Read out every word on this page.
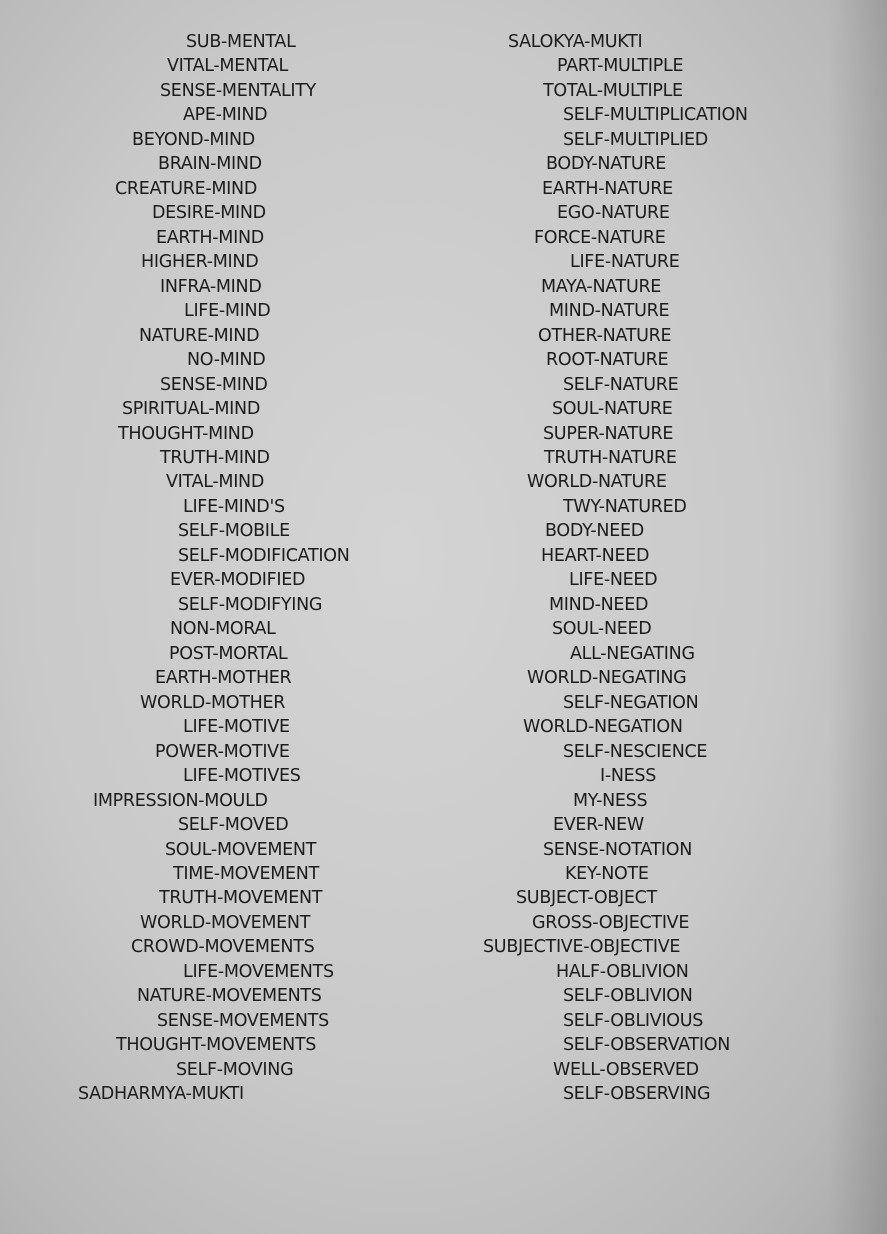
SUB-MENTAL
VITAL-MENTAL
SENSE-MENTALITY
APE-MIND
BEYOND-MIND
BRAIN-MIND
CREATURE-MIND
DESIRE-MIND
EARTH-MIND
HIGHER-MIND
INFRA-MIND
LIFE-MIND
NATURE-MIND
NO-MIND
SENSE-MIND
SPIRITUAL-MIND
THOUGHT-MIND
TRUTH-MIND
VITAL-MIND
LIFE-MIND'S
SELF-MOBILE
SELF-MODIFICATION
EVER-MODIFIED
SELF-MODIFYING
NON-MORAL
POST-MORTAL
EARTH-MOTHER
WORLD-MOTHER
LIFE-MOTIVE
POWER-MOTIVE
LIFE-MOTIVES
IMPRESSION-MOULD
SELF-MOVED
SOUL-MOVEMENT
TIME-MOVEMENT
TRUTH-MOVEMENT
WORLD-MOVEMENT
CROWD-MOVEMENTS
LIFE-MOVEMENTS
NATURE-MOVEMENTS
SENSE-MOVEMENTS
THOUGHT-MOVEMENTS
SELF-MOVING
SADHARMYA-MUKTI
SALOKYA-MUKTI
PART-MULTIPLE
TOTAL-MULTIPLE
SELF-MULTIPLICATION
SELF-MULTIPLIED
BODY-NATURE
EARTH-NATURE
EGO-NATURE
FORCE-NATURE
LIFE-NATURE
MAYA-NATURE
MIND-NATURE
OTHER-NATURE
ROOT-NATURE
SELF-NATURE
SOUL-NATURE
SUPER-NATURE
TRUTH-NATURE
WORLD-NATURE
TWY-NATURED
BODY-NEED
HEART-NEED
LIFE-NEED
MIND-NEED
SOUL-NEED
ALL-NEGATING
WORLD-NEGATING
SELF-NEGATION
WORLD-NEGATION
SELF-NESCIENCE
I-NESS
MY-NESS
EVER-NEW
SENSE-NOTATION
KEY-NOTE
SUBJECT-OBJECT
GROSS-OBJECTIVE
SUBJECTIVE-OBJECTIVE
HALF-OBLIVION
SELF-OBLIVION
SELF-OBLIVIOUS
SELF-OBSERVATION
WELL-OBSERVED
SELF-OBSERVING
